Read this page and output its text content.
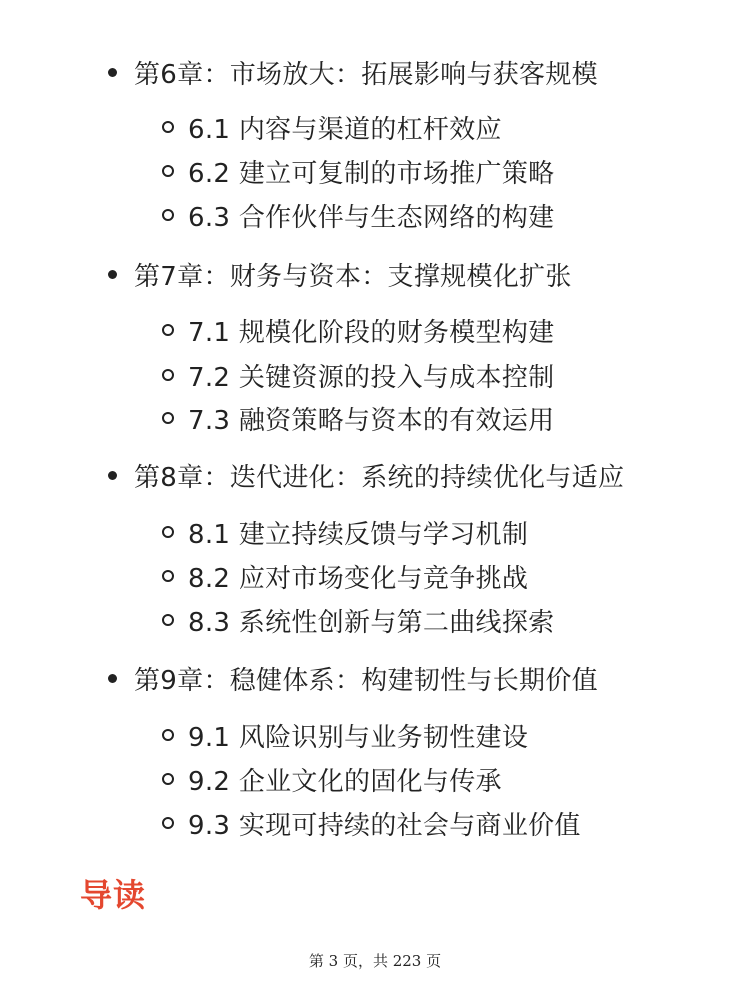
第6章：市场放大：拓展影响与获客规模
6.1 内容与渠道的杠杆效应
6.2 建立可复制的市场推广策略
6.3 合作伙伴与生态网络的构建
第7章：财务与资本：支撑规模化扩张
7.1 规模化阶段的财务模型构建
7.2 关键资源的投入与成本控制
7.3 融资策略与资本的有效运用
第8章：迭代进化：系统的持续优化与适应
8.1 建立持续反馈与学习机制
8.2 应对市场变化与竞争挑战
8.3 系统性创新与第二曲线探索
第9章：稳健体系：构建韧性与长期价值
9.1 风险识别与业务韧性建设
9.2 企业文化的固化与传承
9.3 实现可持续的社会与商业价值
导读
第 3 页，共 223 页
